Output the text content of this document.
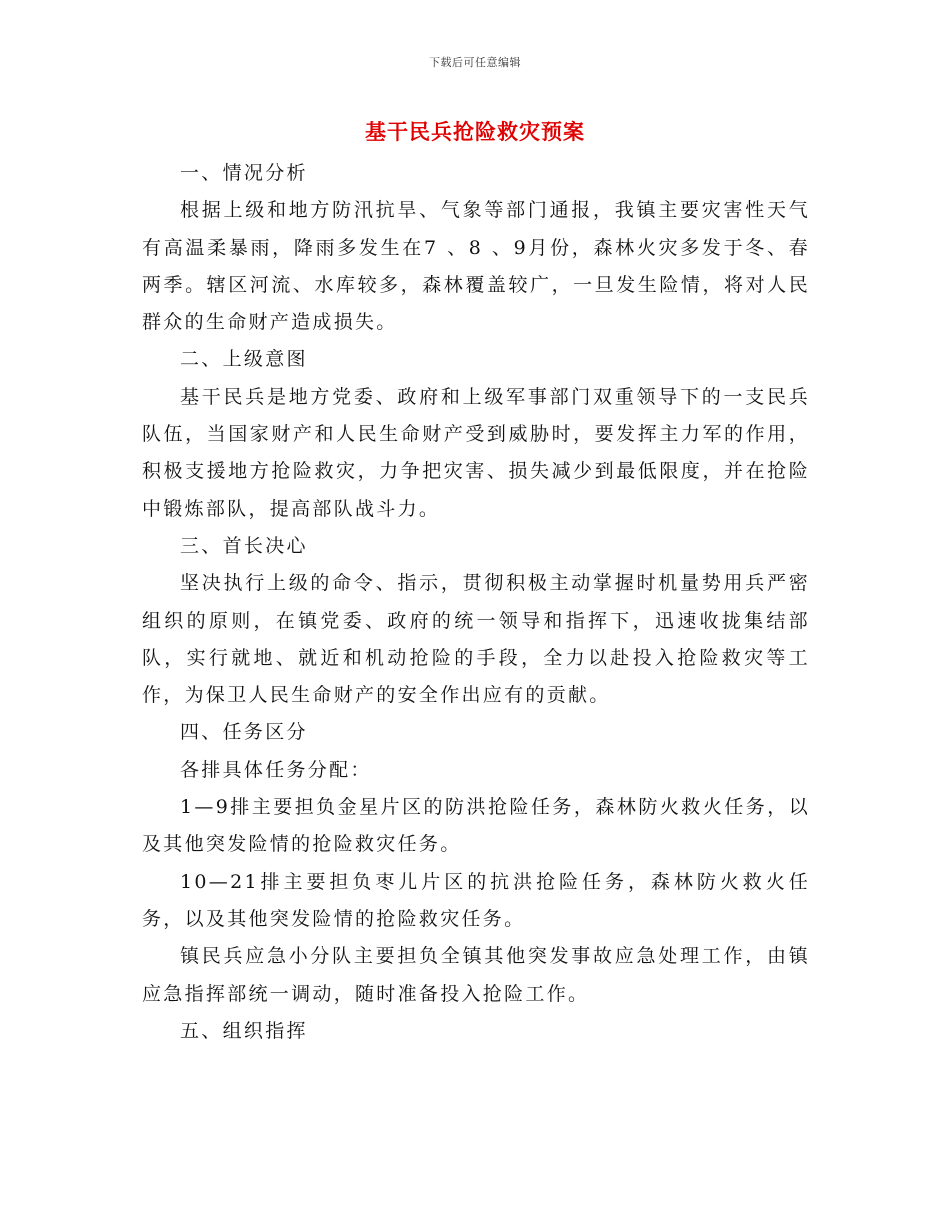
下载后可任意编辑
基干民兵抢险救灾预案

一、情况分析

根据上级和地方防汛抗旱、气象等部门通报，我镇主要灾害性天气有高温柔暴雨，降雨多发生在7 、8 、9月份，森林火灾多发于冬、春两季。辖区河流、水库较多，森林覆盖较广，一旦发生险情，将对人民群众的生命财产造成损失。

二、上级意图

基干民兵是地方党委、政府和上级军事部门双重领导下的一支民兵队伍，当国家财产和人民生命财产受到威胁时，要发挥主力军的作用，积极支援地方抢险救灾，力争把灾害、损失减少到最低限度，并在抢险中锻炼部队，提高部队战斗力。

三、首长决心

坚决执行上级的命令、指示，贯彻积极主动掌握时机量势用兵严密组织的原则，在镇党委、政府的统一领导和指挥下，迅速收拢集结部队，实行就地、就近和机动抢险的手段，全力以赴投入抢险救灾等工作，为保卫人民生命财产的安全作出应有的贡献。

四、任务区分

各排具体任务分配：

1—9排主要担负金星片区的防洪抢险任务，森林防火救火任务，以及其他突发险情的抢险救灾任务。

10—21排主要担负枣儿片区的抗洪抢险任务，森林防火救火任务，以及其他突发险情的抢险救灾任务。

镇民兵应急小分队主要担负全镇其他突发事故应急处理工作，由镇应急指挥部统一调动，随时准备投入抢险工作。

五、组织指挥
